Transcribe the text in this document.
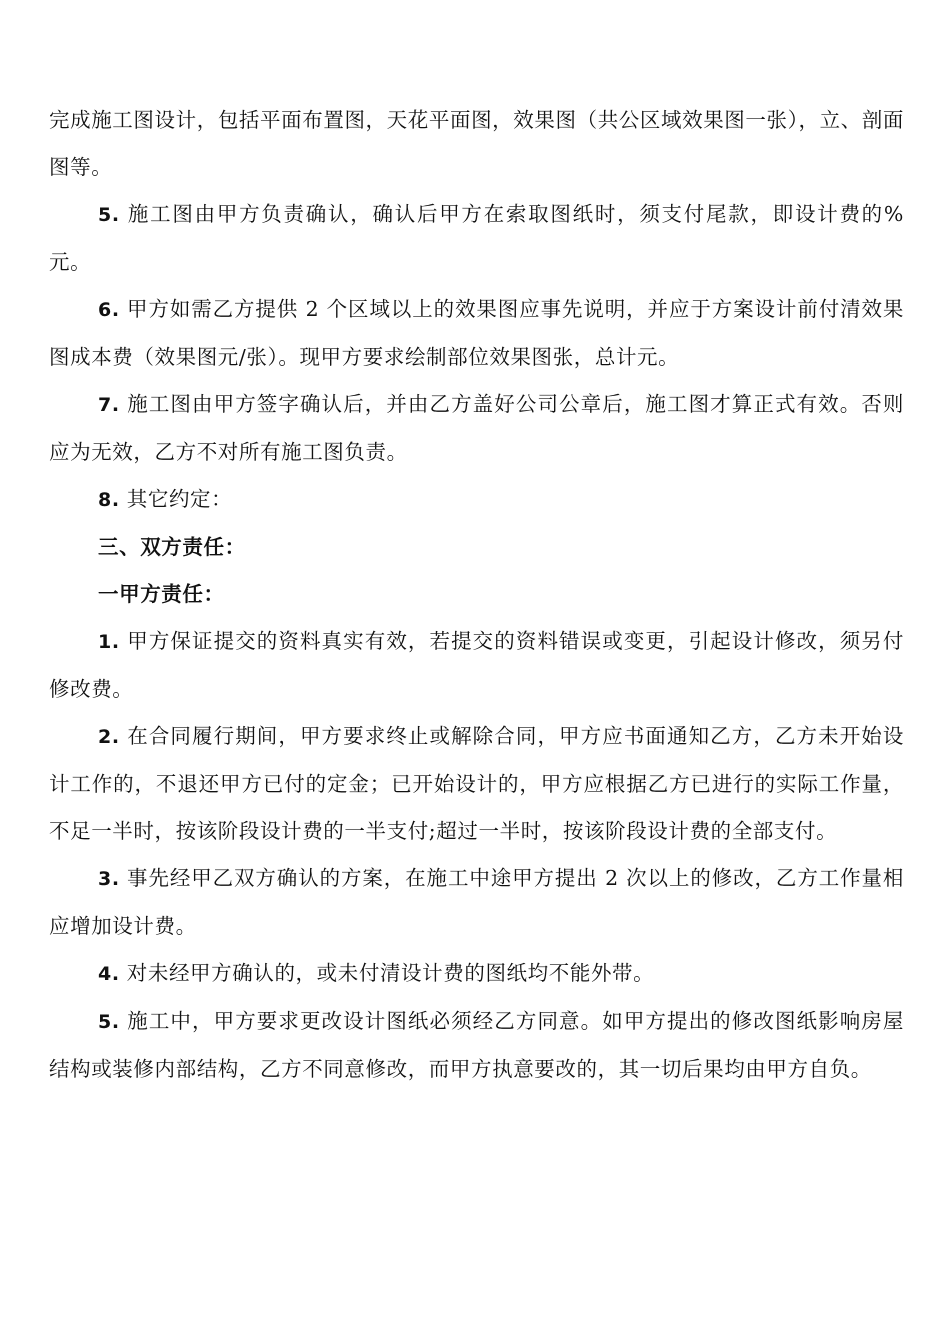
完成施工图设计，包括平面布置图，天花平面图，效果图（共公区域效果图一张），立、剖面图等。

5. 施工图由甲方负责确认，确认后甲方在索取图纸时，须支付尾款，即设计费的%元。

6. 甲方如需乙方提供 2 个区域以上的效果图应事先说明，并应于方案设计前付清效果图成本费（效果图元/张）。现甲方要求绘制部位效果图张，总计元。

7. 施工图由甲方签字确认后，并由乙方盖好公司公章后，施工图才算正式有效。否则应为无效，乙方不对所有施工图负责。

8. 其它约定：

三、双方责任：

一甲方责任：

1. 甲方保证提交的资料真实有效，若提交的资料错误或变更，引起设计修改，须另付修改费。

2. 在合同履行期间，甲方要求终止或解除合同，甲方应书面通知乙方，乙方未开始设计工作的，不退还甲方已付的定金；已开始设计的，甲方应根据乙方已进行的实际工作量，不足一半时，按该阶段设计费的一半支付;超过一半时，按该阶段设计费的全部支付。

3. 事先经甲乙双方确认的方案，在施工中途甲方提出 2 次以上的修改，乙方工作量相应增加设计费。

4. 对未经甲方确认的，或未付清设计费的图纸均不能外带。

5. 施工中，甲方要求更改设计图纸必须经乙方同意。如甲方提出的修改图纸影响房屋结构或装修内部结构，乙方不同意修改，而甲方执意要改的，其一切后果均由甲方自负。
